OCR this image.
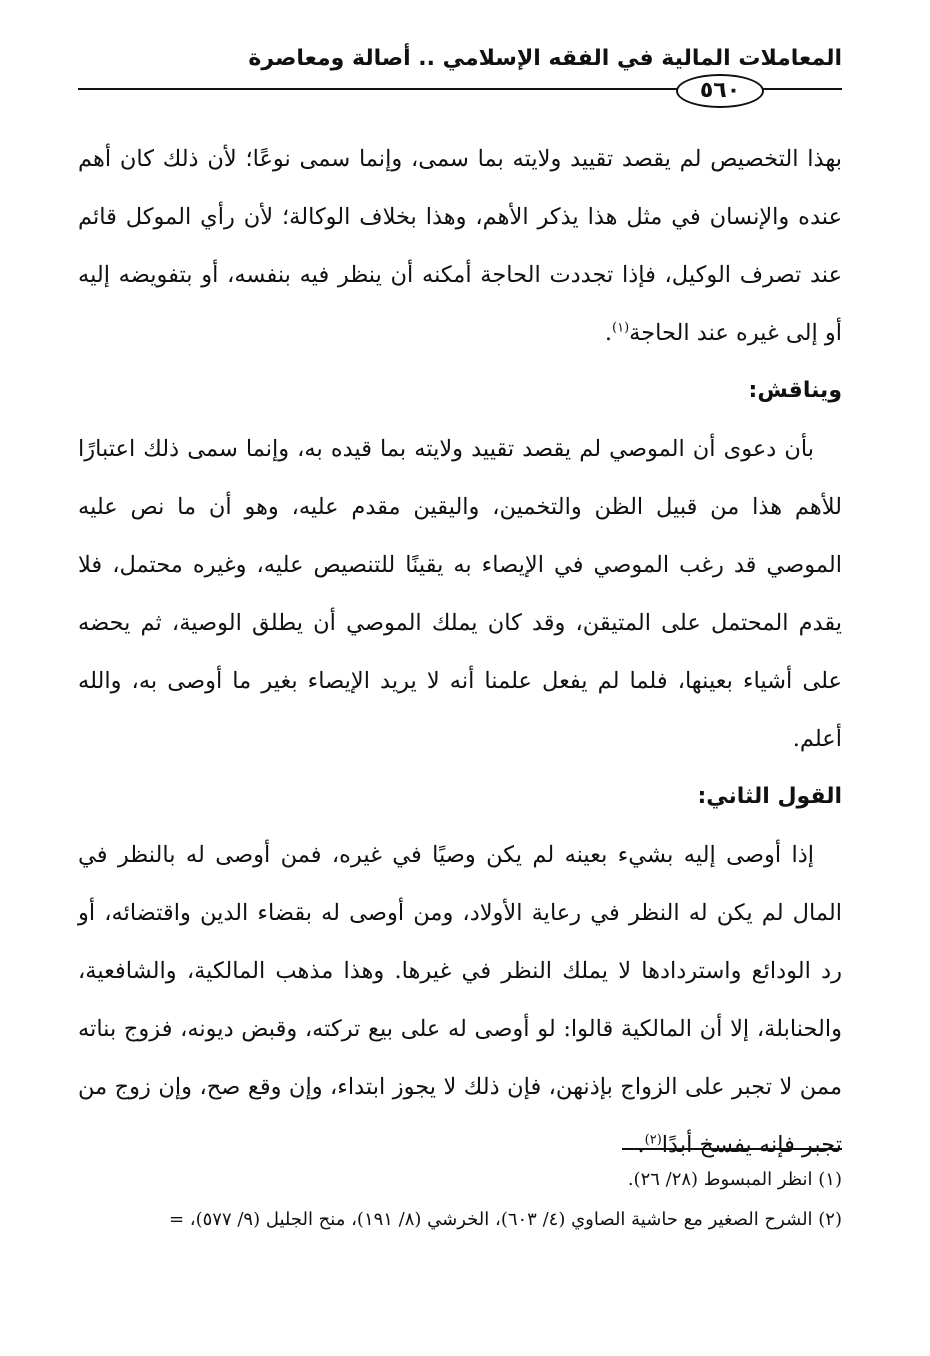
المعاملات المالية في الفقه الإسلامي .. أصالة ومعاصرة
٥٦٠

بهذا التخصيص لم يقصد تقييد ولايته بما سمى، وإنما سمى نوعًا؛ لأن ذلك كان أهم عنده والإنسان في مثل هذا يذكر الأهم، وهذا بخلاف الوكالة؛ لأن رأي الموكل قائم عند تصرف الوكيل، فإذا تجددت الحاجة أمكنه أن ينظر فيه بنفسه، أو بتفويضه إليه أو إلى غيره عند الحاجة$^{(١)}$.

ويناقش:

بأن دعوى أن الموصي لم يقصد تقييد ولايته بما قيده به، وإنما سمى ذلك اعتبارًا للأهم هذا من قبيل الظن والتخمين، واليقين مقدم عليه، وهو أن ما نص عليه الموصي قد رغب الموصي في الإيصاء به يقينًا للتنصيص عليه، وغيره محتمل، فلا يقدم المحتمل على المتيقن، وقد كان يملك الموصي أن يطلق الوصية، ثم يحضه على أشياء بعينها، فلما لم يفعل علمنا أنه لا يريد الإيصاء بغير ما أوصى به، والله أعلم.

القول الثاني:

إذا أوصى إليه بشيء بعينه لم يكن وصيًا في غيره، فمن أوصى له بالنظر في المال لم يكن له النظر في رعاية الأولاد، ومن أوصى له بقضاء الدين واقتضائه، أو رد الودائع واستردادها لا يملك النظر في غيرها. وهذا مذهب المالكية، والشافعية، والحنابلة، إلا أن المالكية قالوا: لو أوصى له على بيع تركته، وقبض ديونه، فزوج بناته ممن لا تجبر على الزواج بإذنهن، فإن ذلك لا يجوز ابتداء، وإن وقع صح، وإن زوج من تجبر فإنه يفسخ أبدًا$^{(٢)}$.

(١) انظر المبسوط (٢٨/ ٢٦).

(٢) الشرح الصغير مع حاشية الصاوي (٤/ ٦٠٣)، الخرشي (٨/ ١٩١)، منح الجليل (٩/ ٥٧٧)، =
